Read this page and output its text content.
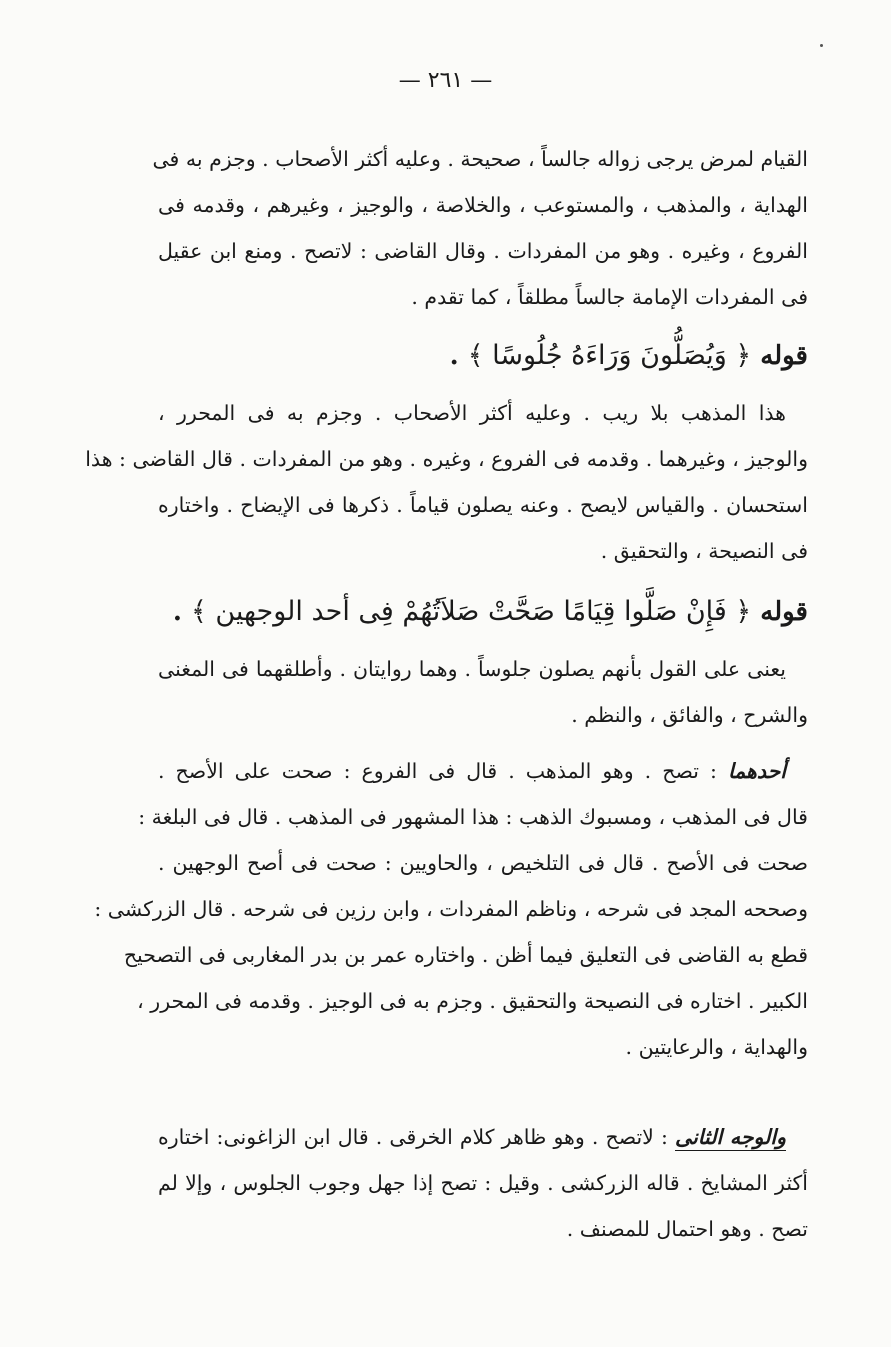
— ٢٦١ —
القيام لمرض يرجى زواله جالساً ، صحيحة . وعليه أكثر الأصحاب . وجزم به فى
الهداية ، والمذهب ، والمستوعب ، والخلاصة ، والوجيز ، وغيرهم ، وقدمه فى
الفروع ، وغيره . وهو من المفردات . وقال القاضى : لاتصح . ومنع ابن عقيل
فى المفردات الإمامة جالساً مطلقاً ، كما تقدم .
قوله ﴿ وَيُصَلُّونَ وَرَاءَهُ جُلُوسًا ﴾ .
هذا المذهب بلا ريب . وعليه أكثر الأصحاب . وجزم به فى المحرر ،
والوجيز ، وغيرهما . وقدمه فى الفروع ، وغيره . وهو من المفردات . قال القاضى : هذا
استحسان . والقياس لايصح . وعنه يصلون قياماً . ذكرها فى الإيضاح . واختاره
فى النصيحة ، والتحقيق .
قوله ﴿ فَإِنْ صَلَّوا قِيَامًا صَحَّتْ صَلاَتُهُمْ فِى أحد الوجهين ﴾ .
يعنى على القول بأنهم يصلون جلوساً . وهما روايتان . وأطلقهما فى المغنى
والشرح ، والفائق ، والنظم .
أحدهما : تصح . وهو المذهب . قال فى الفروع : صحت على الأصح .
قال فى المذهب ، ومسبوك الذهب : هذا المشهور فى المذهب . قال فى البلغة :
صحت فى الأصح . قال فى التلخيص ، والحاويين : صحت فى أصح الوجهين .
وصححه المجد فى شرحه ، وناظم المفردات ، وابن رزين فى شرحه . قال الزركشى :
قطع به القاضى فى التعليق فيما أظن . واختاره عمر بن بدر المغاربى فى التصحيح
الكبير . اختاره فى النصيحة والتحقيق . وجزم به فى الوجيز . وقدمه فى المحرر ،
والهداية ، والرعايتين .
والوجه الثانى : لاتصح . وهو ظاهر كلام الخرقى . قال ابن الزاغونى: اختاره
أكثر المشايخ . قاله الزركشى . وقيل : تصح إذا جهل وجوب الجلوس ، وإلا لم
تصح . وهو احتمال للمصنف .
